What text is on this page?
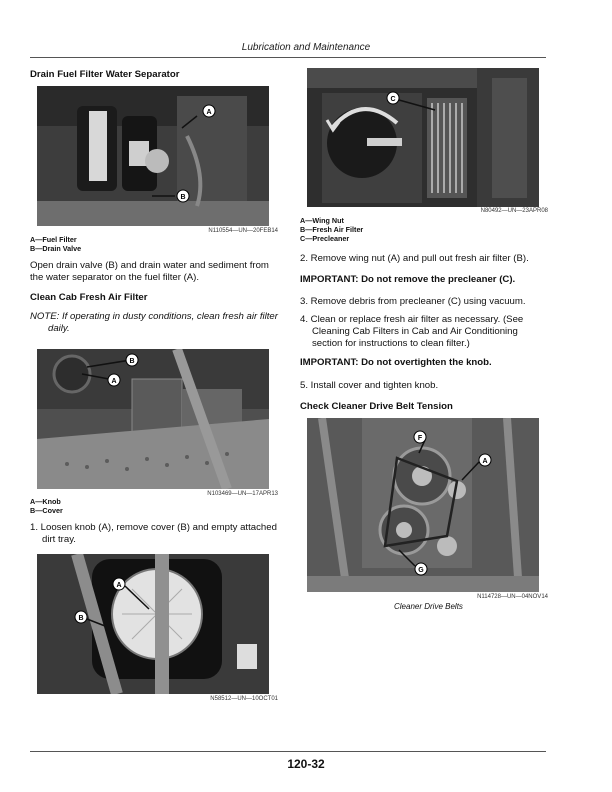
Lubrication and Maintenance
Drain Fuel Filter Water Separator
A
B
N110554—UN—20FEB14
A—Fuel Filter
B—Drain Valve
Open drain valve (B) and drain water and sediment from the water separator on the fuel filter (A).
Clean Cab Fresh Air Filter
NOTE: If operating in dusty conditions, clean fresh air filter daily.
B
A
N103469—UN—17APR13
A—Knob
B—Cover
1. Loosen knob (A), remove cover (B) and empty attached dirt tray.
A
B
N58512—UN—10OCT01
C
N80492—UN—23APR08
A—Wing Nut
B—Fresh Air Filter
C—Precleaner
2. Remove wing nut (A) and pull out fresh air filter (B).
IMPORTANT: Do not remove the precleaner (C).
3. Remove debris from precleaner (C) using vacuum.
4. Clean or replace fresh air filter as necessary. (See Cleaning Cab Filters in Cab and Air Conditioning section for instructions to clean filter.)
IMPORTANT: Do not overtighten the knob.
5. Install cover and tighten knob.
Check Cleaner Drive Belt Tension
F
A
G
N114728—UN—04NOV14
Cleaner Drive Belts
120-32
